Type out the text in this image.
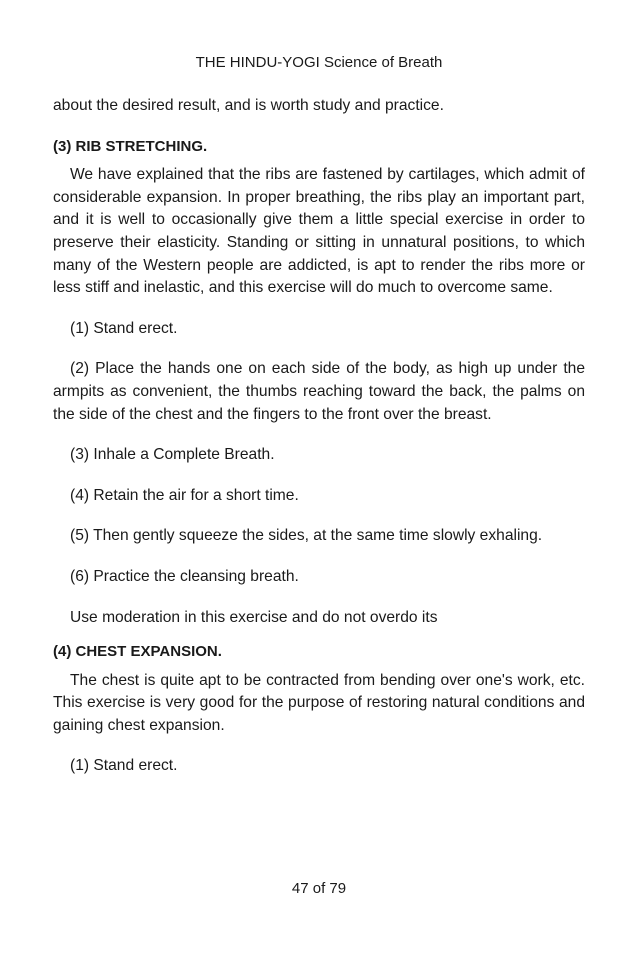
THE HINDU-YOGI Science of Breath

about the desired result, and is worth study and practice.

(3) RIB STRETCHING.

We have explained that the ribs are fastened by cartilages, which admit of considerable expansion. In proper breathing, the ribs play an important part, and it is well to occasionally give them a little special exercise in order to preserve their elasticity. Standing or sitting in unnatural positions, to which many of the Western people are addicted, is apt to render the ribs more or less stiff and inelastic, and this exercise will do much to overcome same.

(1) Stand erect.

(2) Place the hands one on each side of the body, as high up under the armpits as convenient, the thumbs reaching toward the back, the palms on the side of the chest and the fingers to the front over the breast.

(3) Inhale a Complete Breath.

(4) Retain the air for a short time.

(5) Then gently squeeze the sides, at the same time slowly exhaling.

(6) Practice the cleansing breath.

Use moderation in this exercise and do not overdo its

(4) CHEST EXPANSION.

The chest is quite apt to be contracted from bending over one's work, etc. This exercise is very good for the purpose of restoring natural conditions and gaining chest expansion.

(1) Stand erect.

47 of 79
